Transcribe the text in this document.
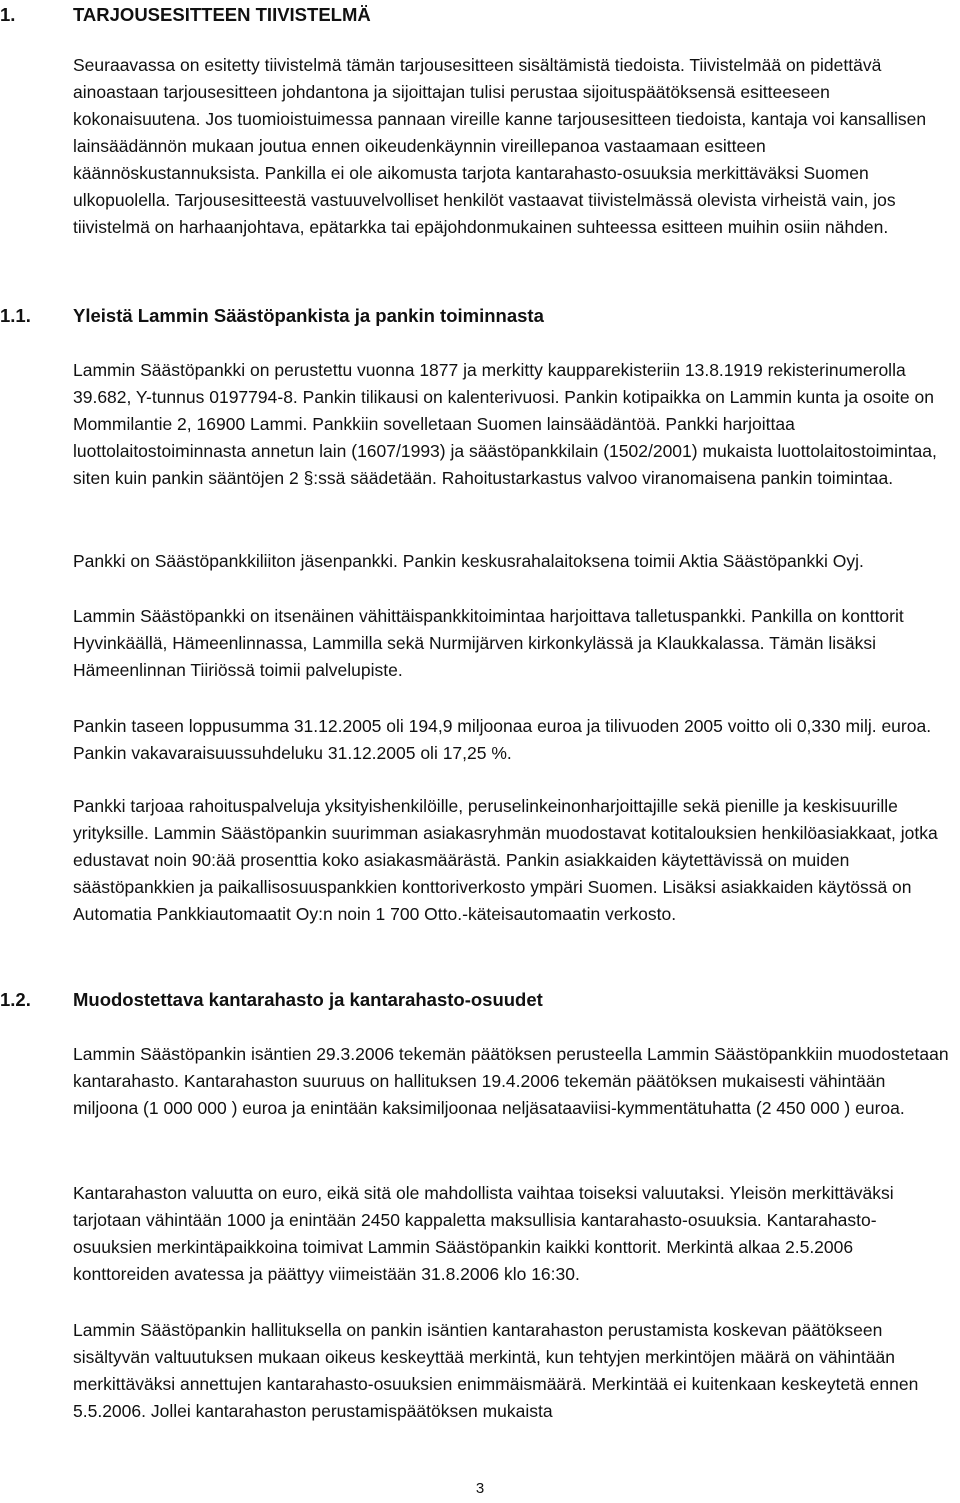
1.	TARJOUSESITTEEN TIIVISTELMÄ

Seuraavassa on esitetty tiivistelmä tämän tarjousesitteen sisältämistä tiedoista. Tiivistelmää on pidettävä ainoastaan tarjousesitteen johdantona ja sijoittajan tulisi perustaa sijoituspäätöksensä esitteeseen kokonaisuutena. Jos tuomioistuimessa pannaan vireille kanne tarjousesitteen tiedoista, kantaja voi kansallisen lainsäädännön mukaan joutua ennen oikeudenkäynnin vireillepanoa vastaamaan esitteen käännöskustannuksista. Pankilla ei ole aikomusta tarjota kantarahasto-osuuksia merkittäväksi Suomen ulkopuolella. Tarjousesitteestä vastuuvelvolliset henkilöt vastaavat tiivistelmässä olevista virheistä vain, jos tiivistelmä on harhaanjohtava, epätarkka tai epäjohdonmukainen suhteessa esitteen muihin osiin nähden.

1.1. Yleistä Lammin Säästöpankista ja pankin toiminnasta

Lammin Säästöpankki on perustettu vuonna 1877 ja merkitty kaupparekisteriin 13.8.1919 rekisterinumerolla 39.682, Y-tunnus 0197794-8. Pankin tilikausi on kalenterivuosi. Pankin kotipaikka on Lammin kunta ja osoite on Mommilantie 2, 16900 Lammi. Pankkiin sovelletaan Suomen lainsäädäntöä. Pankki harjoittaa luottolaitostoiminnasta annetun lain (1607/1993) ja säästöpankkilain (1502/2001) mukaista luottolaitostoimintaa, siten kuin pankin sääntöjen 2 §:ssä säädetään. Rahoitustarkastus valvoo viranomaisena pankin toimintaa.

Pankki on Säästöpankkiliiton jäsenpankki. Pankin keskusrahalaitoksena toimii Aktia Säästöpankki Oyj.

Lammin Säästöpankki on itsenäinen vähittäispankkitoimintaa harjoittava talletuspankki. Pankilla on konttorit Hyvinkäällä, Hämeenlinnassa, Lammilla sekä Nurmijärven kirkonkylässä ja Klaukkalassa. Tämän lisäksi Hämeenlinnan Tiiriössä toimii palvelupiste.

Pankin taseen loppusumma 31.12.2005 oli 194,9 miljoonaa euroa ja tilivuoden 2005 voitto oli 0,330 milj. euroa. Pankin vakavaraisuussuhdeluku 31.12.2005 oli 17,25 %.

Pankki tarjoaa rahoituspalveluja yksityishenkilöille, peruselinkeinonharjoittajille sekä pienille ja keskisuurille yrityksille. Lammin Säästöpankin suurimman asiakasryhmän muodostavat kotitalouksien henkilöasiakkaat, jotka edustavat noin 90:ää prosenttia koko asiakasmäärästä. Pankin asiakkaiden käytettävissä on muiden säästöpankkien ja paikallisosuuspankkien konttoriverkosto ympäri Suomen. Lisäksi asiakkaiden käytössä on Automatia Pankkiautomaatit Oy:n noin 1 700 Otto.-käteisautomaatin verkosto.

1.2. Muodostettava kantarahasto ja kantarahasto-osuudet

Lammin Säästöpankin isäntien 29.3.2006 tekemän päätöksen perusteella Lammin Säästöpankkiin muodostetaan kantarahasto. Kantarahaston suuruus on hallituksen 19.4.2006 tekemän päätöksen mukaisesti vähintään miljoona (1 000 000 ) euroa ja enintään kaksimiljoonaa neljäsataaviisi-kymmentätuhatta (2 450 000 ) euroa.

Kantarahaston valuutta on euro, eikä sitä ole mahdollista vaihtaa toiseksi valuutaksi. Yleisön merkittäväksi tarjotaan vähintään 1000 ja enintään 2450 kappaletta maksullisia kantarahasto-osuuksia. Kantarahasto-osuuksien merkintäpaikkoina toimivat Lammin Säästöpankin kaikki konttorit. Merkintä alkaa 2.5.2006 konttoreiden avatessa ja päättyy viimeistään 31.8.2006 klo 16:30.

Lammin Säästöpankin hallituksella on pankin isäntien kantarahaston perustamista koskevan päätökseen sisältyvän valtuutuksen mukaan oikeus keskeyttää merkintä, kun tehtyjen merkintöjen määrä on vähintään merkittäväksi annettujen kantarahasto-osuuksien enimmäismäärä. Merkintää ei kuitenkaan keskeytetä ennen 5.5.2006. Jollei kantarahaston perustamispäätöksen mukaista

3
